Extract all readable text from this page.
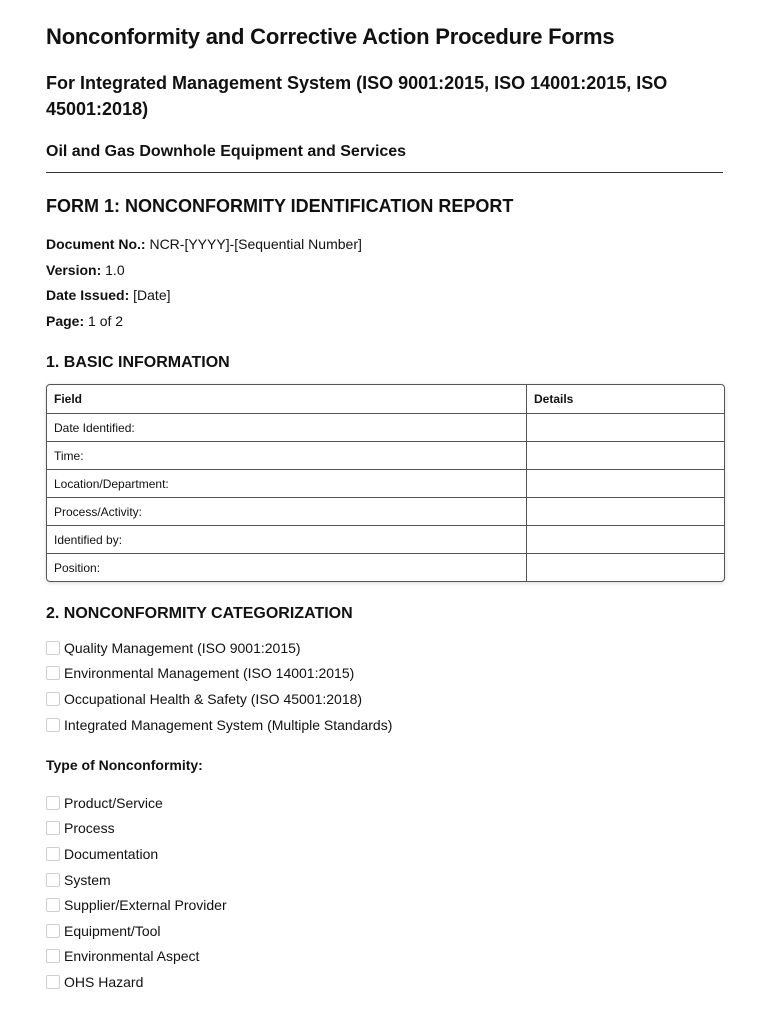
Nonconformity and Corrective Action Procedure Forms
For Integrated Management System (ISO 9001:2015, ISO 14001:2015, ISO 45001:2018)
Oil and Gas Downhole Equipment and Services
FORM 1: NONCONFORMITY IDENTIFICATION REPORT
Document No.: NCR-[YYYY]-[Sequential Number]
Version: 1.0
Date Issued: [Date]
Page: 1 of 2
1. BASIC INFORMATION
Field	Details
Date Identified:	
Time:	
Location/Department:	
Process/Activity:	
Identified by:	
Position:	
2. NONCONFORMITY CATEGORIZATION
Quality Management (ISO 9001:2015)
Environmental Management (ISO 14001:2015)
Occupational Health & Safety (ISO 45001:2018)
Integrated Management System (Multiple Standards)
Type of Nonconformity:
Product/Service
Process
Documentation
System
Supplier/External Provider
Equipment/Tool
Environmental Aspect
OHS Hazard
